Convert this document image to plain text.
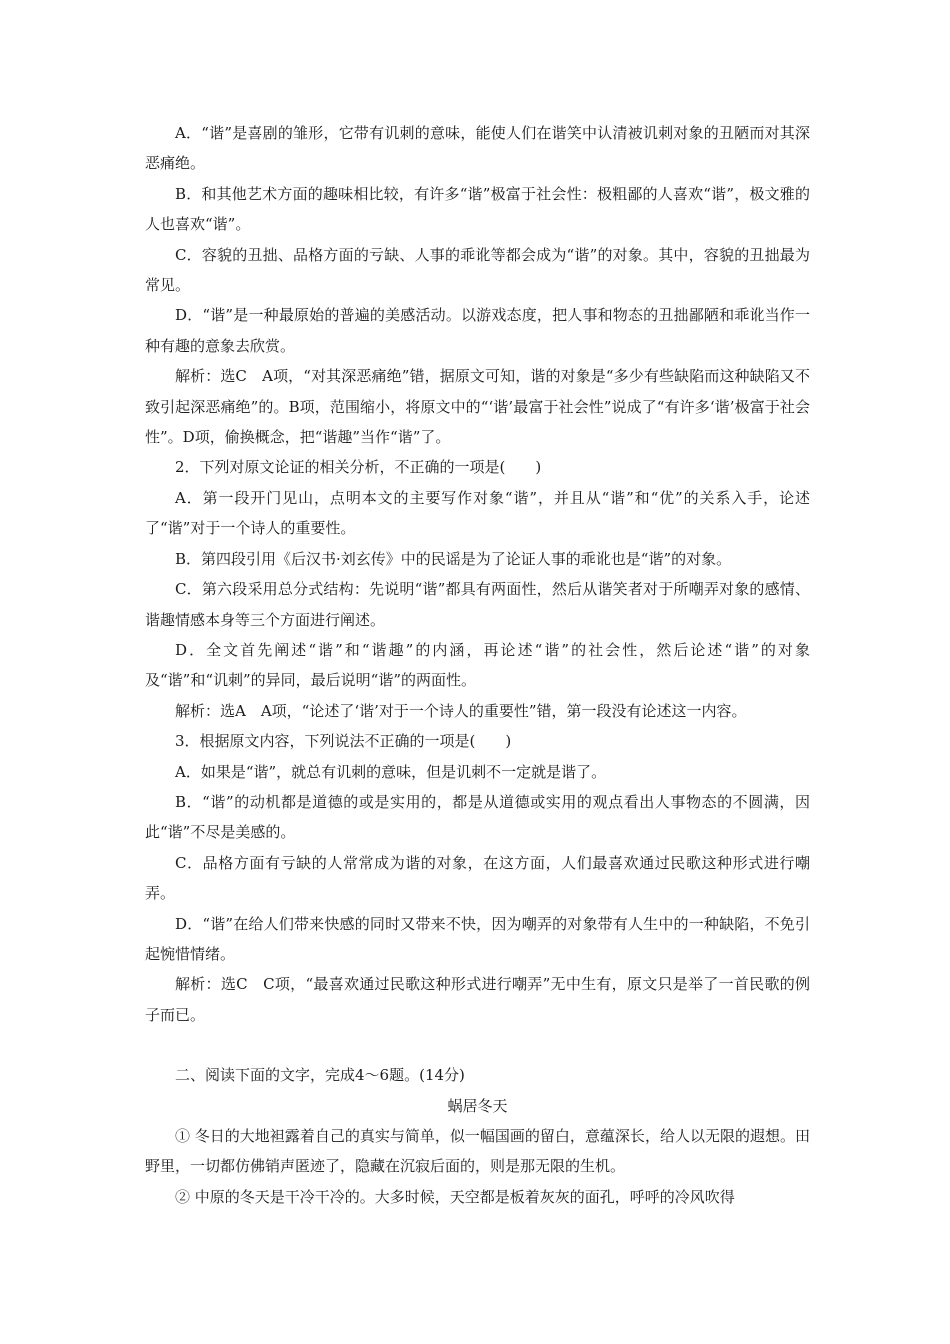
A．“谐”是喜剧的雏形，它带有讥刺的意味，能使人们在谐笑中认清被讥刺对象的丑陋而对其深恶痛绝。

B．和其他艺术方面的趣味相比较，有许多“谐”极富于社会性：极粗鄙的人喜欢“谐”，极文雅的人也喜欢“谐”。

C．容貌的丑拙、品格方面的亏缺、人事的乖讹等都会成为“谐”的对象。其中，容貌的丑拙最为常见。

D．“谐”是一种最原始的普遍的美感活动。以游戏态度，把人事和物态的丑拙鄙陋和乖讹当作一种有趣的意象去欣赏。

解析：选C　A项，“对其深恶痛绝”错，据原文可知，谐的对象是“多少有些缺陷而这种缺陷又不致引起深恶痛绝”的。B项，范围缩小，将原文中的“‘谐’最富于社会性”说成了“有许多‘谐’极富于社会性”。D项，偷换概念，把“谐趣”当作“谐”了。

2．下列对原文论证的相关分析，不正确的一项是(　　)

A．第一段开门见山，点明本文的主要写作对象“谐”，并且从“谐”和“优”的关系入手，论述了“谐”对于一个诗人的重要性。

B．第四段引用《后汉书·刘玄传》中的民谣是为了论证人事的乖讹也是“谐”的对象。

C．第六段采用总分式结构：先说明“谐”都具有两面性，然后从谐笑者对于所嘲弄对象的感情、谐趣情感本身等三个方面进行阐述。

D．全文首先阐述“谐”和“谐趣”的内涵，再论述“谐”的社会性，然后论述“谐”的对象及“谐”和“讥刺”的异同，最后说明“谐”的两面性。

解析：选A　A项，“论述了‘谐’对于一个诗人的重要性”错，第一段没有论述这一内容。

3．根据原文内容，下列说法不正确的一项是(　　)

A．如果是“谐”，就总有讥刺的意味，但是讥刺不一定就是谐了。

B．“谐”的动机都是道德的或是实用的，都是从道德或实用的观点看出人事物态的不圆满，因此“谐”不尽是美感的。

C．品格方面有亏缺的人常常成为谐的对象，在这方面，人们最喜欢通过民歌这种形式进行嘲弄。

D．“谐”在给人们带来快感的同时又带来不快，因为嘲弄的对象带有人生中的一种缺陷，不免引起惋惜情绪。

解析：选C　C项，“最喜欢通过民歌这种形式进行嘲弄”无中生有，原文只是举了一首民歌的例子而已。

二、阅读下面的文字，完成4～6题。(14分)

蜗居冬天

① 冬日的大地袒露着自己的真实与简单，似一幅国画的留白，意蕴深长，给人以无限的遐想。田野里，一切都仿佛销声匿迹了，隐藏在沉寂后面的，则是那无限的生机。

② 中原的冬天是干冷干冷的。大多时候，天空都是板着灰灰的面孔，呼呼的冷风吹得
